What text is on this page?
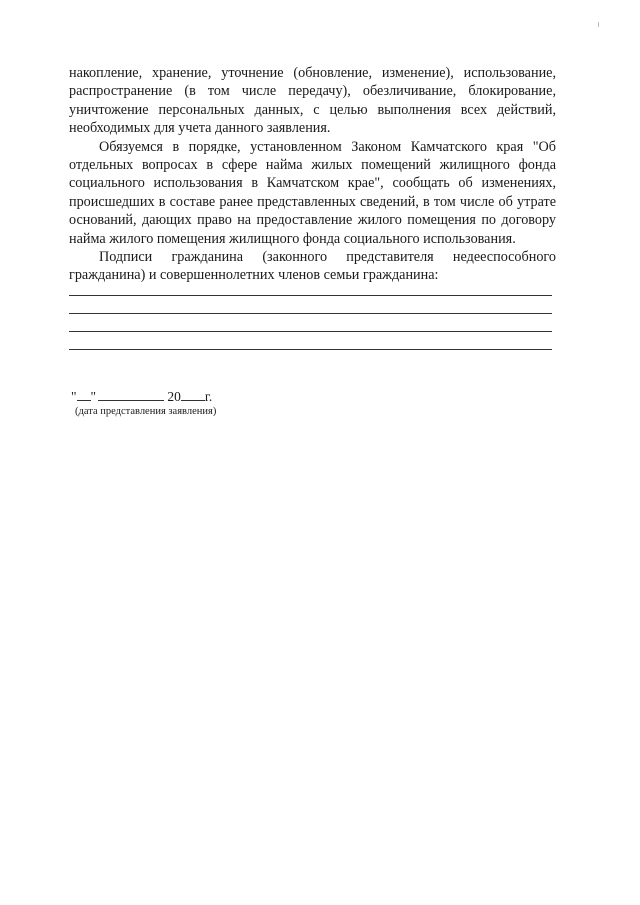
накопление, хранение, уточнение (обновление, изменение), использование, распространение (в том числе передачу), обезличивание, блокирование, уничтожение персональных данных, с целью выполнения всех действий, необходимых для учета данного заявления.

Обязуемся в порядке, установленном Законом Камчатского края "Об отдельных вопросах в сфере найма жилых помещений жилищного фонда социального использования в Камчатском крае", сообщать об изменениях, происшедших в составе ранее представленных сведений, в том числе об утрате оснований, дающих право на предоставление жилого помещения по договору найма жилого помещения жилищного фонда социального использования.

Подписи гражданина (законного представителя недееспособного гражданина) и совершеннолетних членов семьи гражданина:

" "	20 г.
(дата представления заявления)
